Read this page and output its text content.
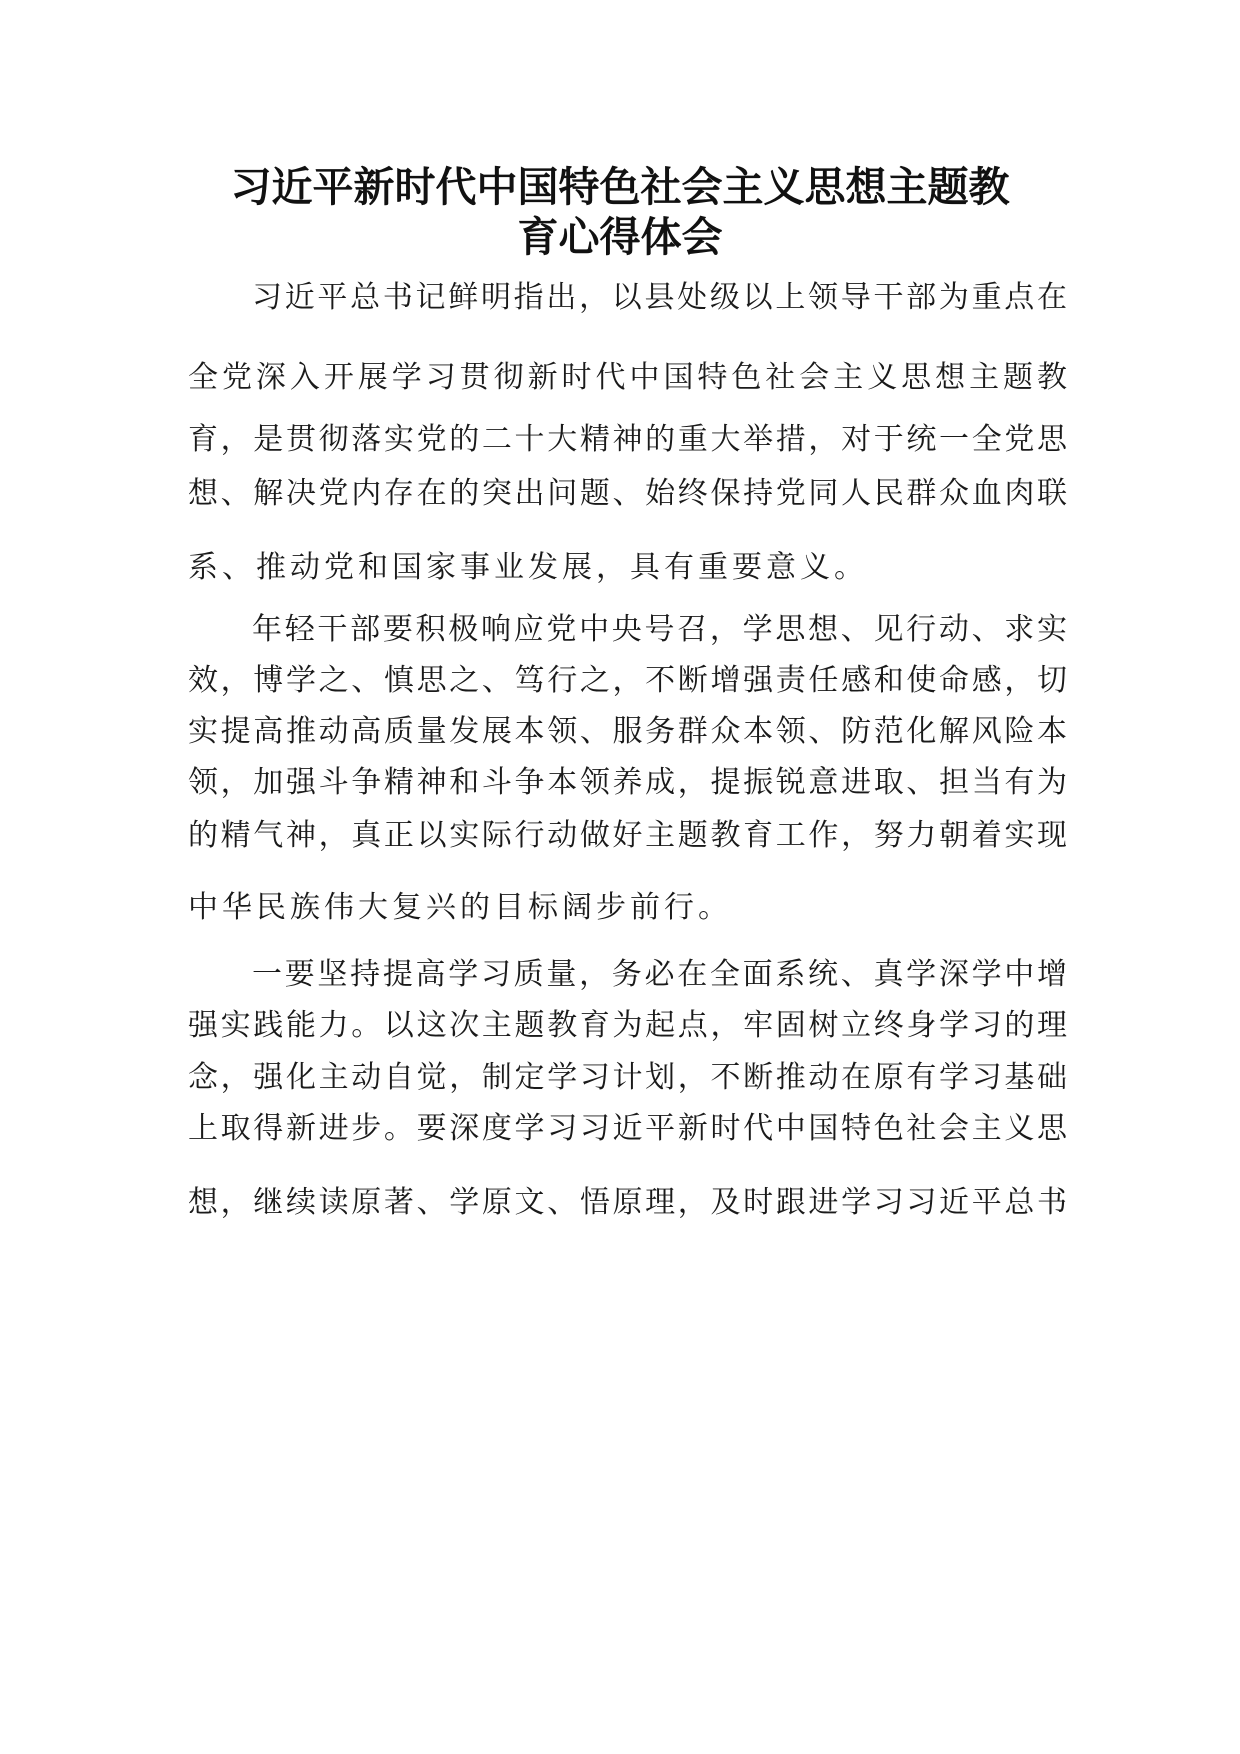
习近平新时代中国特色社会主义思想主题教
育心得体会
习近平总书记鲜明指出，以县处级以上领导干部为重点在
全党深入开展学习贯彻新时代中国特色社会主义思想主题教
育，是贯彻落实党的二十大精神的重大举措，对于统一全党思
想、解决党内存在的突出问题、始终保持党同人民群众血肉联
系、推动党和国家事业发展，具有重要意义。
年轻干部要积极响应党中央号召，学思想、见行动、求实
效，博学之、慎思之、笃行之，不断增强责任感和使命感，切
实提高推动高质量发展本领、服务群众本领、防范化解风险本
领，加强斗争精神和斗争本领养成，提振锐意进取、担当有为
的精气神，真正以实际行动做好主题教育工作，努力朝着实现
中华民族伟大复兴的目标阔步前行。
一要坚持提高学习质量，务必在全面系统、真学深学中增
强实践能力。以这次主题教育为起点，牢固树立终身学习的理
念，强化主动自觉，制定学习计划，不断推动在原有学习基础
上取得新进步。要深度学习习近平新时代中国特色社会主义思
想，继续读原著、学原文、悟原理，及时跟进学习习近平总书
